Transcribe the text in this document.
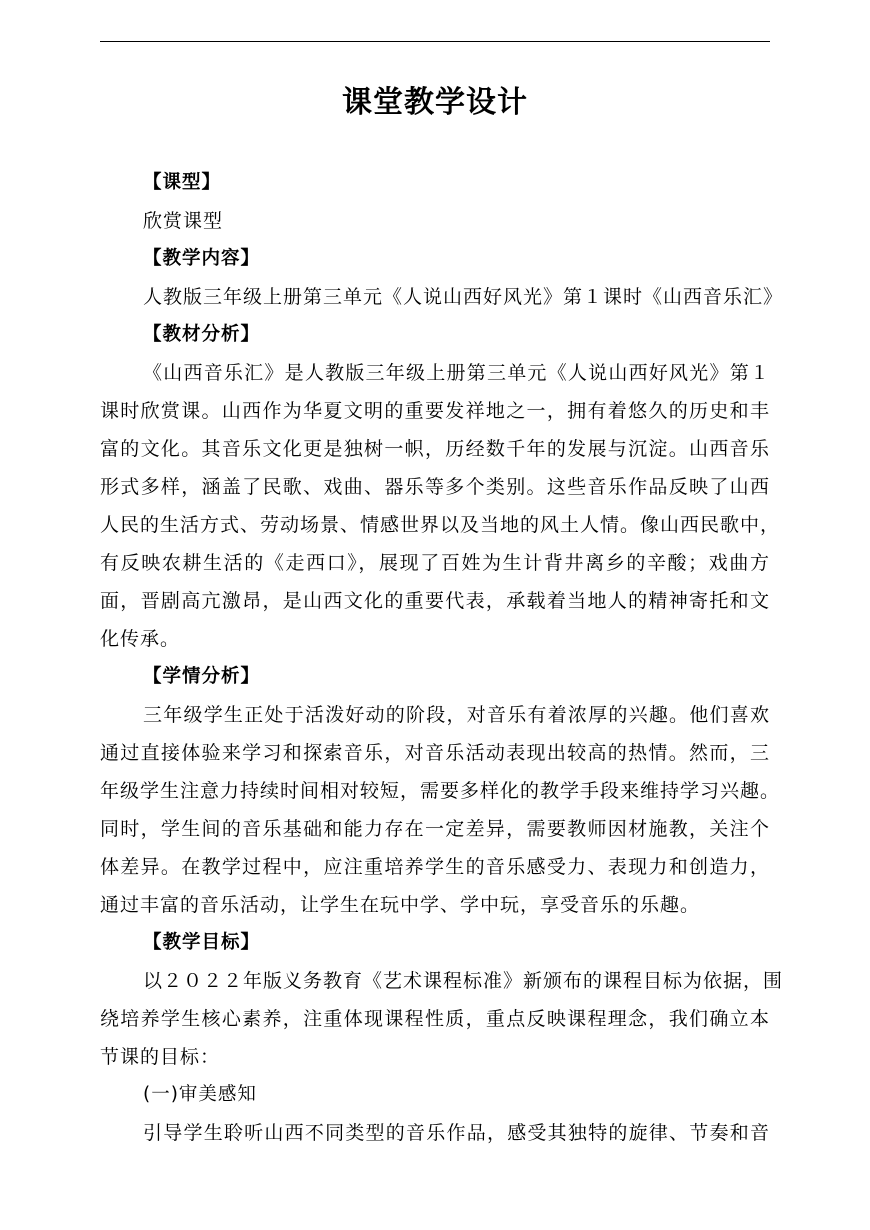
课堂教学设计
【课型】
欣赏课型
【教学内容】
人教版三年级上册第三单元《人说山西好风光》第１课时《山西音乐汇》
【教材分析】
《山西音乐汇》是人教版三年级上册第三单元《人说山西好风光》第１
课时欣赏课。山西作为华夏文明的重要发祥地之一，拥有着悠久的历史和丰
富的文化。其音乐文化更是独树一帜，历经数千年的发展与沉淀。山西音乐
形式多样，涵盖了民歌、戏曲、器乐等多个类别。这些音乐作品反映了山西
人民的生活方式、劳动场景、情感世界以及当地的风土人情。像山西民歌中，
有反映农耕生活的《走西口》，展现了百姓为生计背井离乡的辛酸；戏曲方
面，晋剧高亢激昂，是山西文化的重要代表，承载着当地人的精神寄托和文
化传承。
【学情分析】
三年级学生正处于活泼好动的阶段，对音乐有着浓厚的兴趣。他们喜欢
通过直接体验来学习和探索音乐，对音乐活动表现出较高的热情。然而，三
年级学生注意力持续时间相对较短，需要多样化的教学手段来维持学习兴趣。
同时，学生间的音乐基础和能力存在一定差异，需要教师因材施教，关注个
体差异。在教学过程中，应注重培养学生的音乐感受力、表现力和创造力，
通过丰富的音乐活动，让学生在玩中学、学中玩，享受音乐的乐趣。
【教学目标】
以２０２２年版义务教育《艺术课程标准》新颁布的课程目标为依据，围
绕培养学生核心素养，注重体现课程性质，重点反映课程理念，我们确立本
节课的目标：
(一)审美感知
引导学生聆听山西不同类型的音乐作品，感受其独特的旋律、节奏和音
